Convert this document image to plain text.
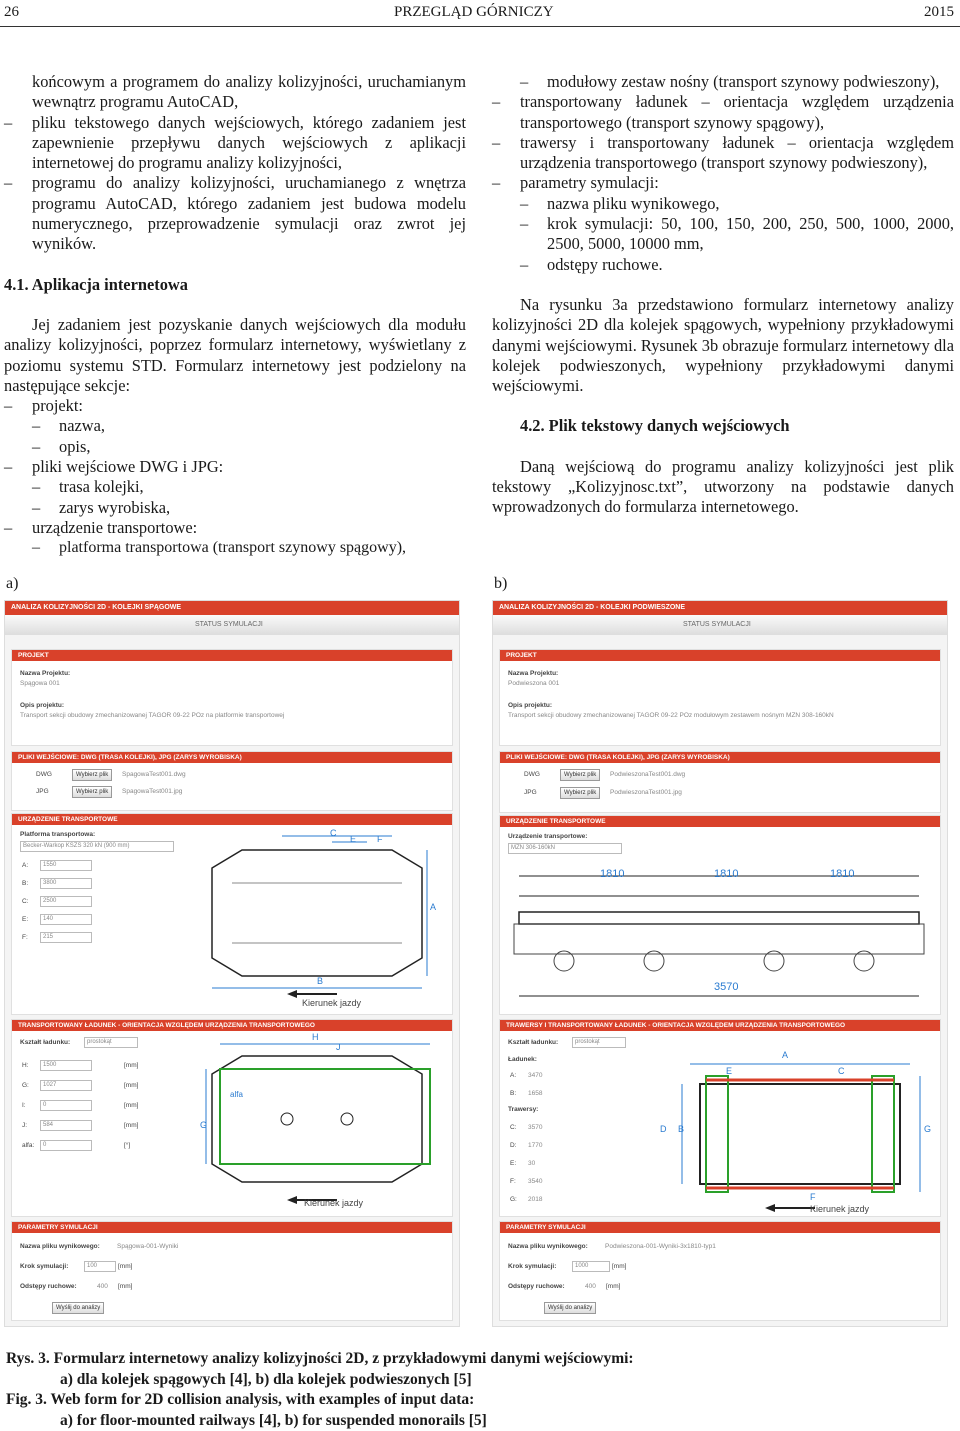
26	PRZEGLĄD GÓRNICZY	2015

końcowym a programem do analizy kolizyjności, uruchamianym wewnątrz programu AutoCAD,

– pliku tekstowego danych wejściowych, którego zadaniem jest zapewnienie przepływu danych wejściowych z aplikacji internetowej do programu analizy kolizyjności,

– programu do analizy kolizyjności, uruchamianego z wnętrza programu AutoCAD, którego zadaniem jest budowa modelu numerycznego, przeprowadzenie symulacji oraz zwrot jej wyników.

4.1. Aplikacja internetowa

Jej zadaniem jest pozyskanie danych wejściowych dla modułu analizy kolizyjności, poprzez formularz internetowy, wyświetlany z poziomu systemu STD. Formularz internetowy jest podzielony na następujące sekcje:

– projekt:

– nazwa,

– opis,

– pliki wejściowe DWG i JPG:

– trasa kolejki,

– zarys wyrobiska,

– urządzenie transportowe:

– platforma transportowa (transport szynowy spągowy),

– modułowy zestaw nośny (transport szynowy podwieszony),

– transportowany ładunek – orientacja względem urządzenia transportowego (transport szynowy spągowy),

– trawersy i transportowany ładunek – orientacja względem urządzenia transportowego (transport szynowy podwieszony),

– parametry symulacji:

– nazwa pliku wynikowego,

– krok symulacji: 50, 100, 150, 200, 250, 500, 1000, 2000, 2500, 5000, 10000 mm,

– odstępy ruchowe.

Na rysunku 3a przedstawiono formularz internetowy analizy kolizyjności 2D dla kolejek spągowych, wypełniony przykładowymi danymi wejściowymi. Rysunek 3b obrazuje formularz internetowy dla kolejek podwieszonych, wypełniony przykładowymi danymi wejściowymi.

4.2. Plik tekstowy danych wejściowych

Daną wejściową do programu analizy kolizyjności jest plik tekstowy „Kolizyjnosc.txt”, utworzony na podstawie danych wprowadzonych do formularza internetowego.

a)	b)
ANALIZA KOLIZYJNOŚCI 2D - KOLEJKI SPĄGOWE
STATUS SYMULACJI
PROJEKT
Nazwa Projektu:
Spągowa 001
Opis projektu:
Transport sekcji obudowy zmechanizowanej TAGOR 09-22 POz na platformie transportowej
PLIKI WEJŚCIOWE: DWG (TRASA KOLEJKI), JPG (ZARYS WYROBISKA)
DWG	Wybierz plik	SpagowaTest001.dwg
JPG	Wybierz plik	SpagowaTest001.jpg
URZĄDZENIE TRANSPORTOWE
Platforma transportowa:
Becker-Warkop KSZS 320 kN (900 mm)
A:	1550
B:	3800
C:	2500
E:	140
F:	215
C
E F
A
B
Kierunek jazdy
TRANSPORTOWANY ŁADUNEK - ORIENTACJA WZGLĘDEM URZĄDZENIA TRANSPORTOWEGO
Kształt ładunku:	prostokąt
H:	1500	[mm]
G:	1027	[mm]
I:	0	[mm]
J:	584	[mm]
alfa:	0	[°]
H
J
G
alfa
Kierunek jazdy
PARAMETRY SYMULACJI
Nazwa pliku wynikowego:	Spągowa-001-Wyniki
Krok symulacji:	100	[mm]
Odstępy ruchowe:	400 [mm]
Wyślij do analizy
ANALIZA KOLIZYJNOŚCI 2D - KOLEJKI PODWIESZONE
STATUS SYMULACJI
PROJEKT
Nazwa Projektu:
Podwieszona 001
Opis projektu:
Transport sekcji obudowy zmechanizowanej TAGOR 09-22 POz modułowym zestawem nośnym MZN 308-160kN
PLIKI WEJŚCIOWE: DWG (TRASA KOLEJKI), JPG (ZARYS WYROBISKA)
DWG	Wybierz plik	PodwieszonaTest001.dwg
JPG	Wybierz plik	PodwieszonaTest001.jpg
URZĄDZENIE TRANSPORTOWE
Urządzenie transportowe:
MZN 306-160kN
1810	1810	1810
3570
TRAWERSY I TRANSPORTOWANY ŁADUNEK - ORIENTACJA WZGLĘDEM URZĄDZENIA TRANSPORTOWEGO
Kształt ładunku:	prostokąt
Ładunek:
A: 3470
B: 1658
Trawersy:
C: 3570
D: 1770
E: 30
F: 3540
G: 2018
A
E	C
F
B
D	G
Kierunek jazdy
PARAMETRY SYMULACJI
Nazwa pliku wynikowego:	Podwieszona-001-Wyniki-3x1810-typ1
Krok symulacji:	1000	[mm]
Odstępy ruchowe:	400 [mm]
Wyślij do analizy
Rys. 3. Formularz internetowy analizy kolizyjności 2D, z przykładowymi danymi wejściowymi:
a) dla kolejek spągowych [4], b) dla kolejek podwieszonych [5]
Fig. 3. Web form for 2D collision analysis, with examples of input data:
a) for floor-mounted railways [4], b) for suspended monorails [5]
